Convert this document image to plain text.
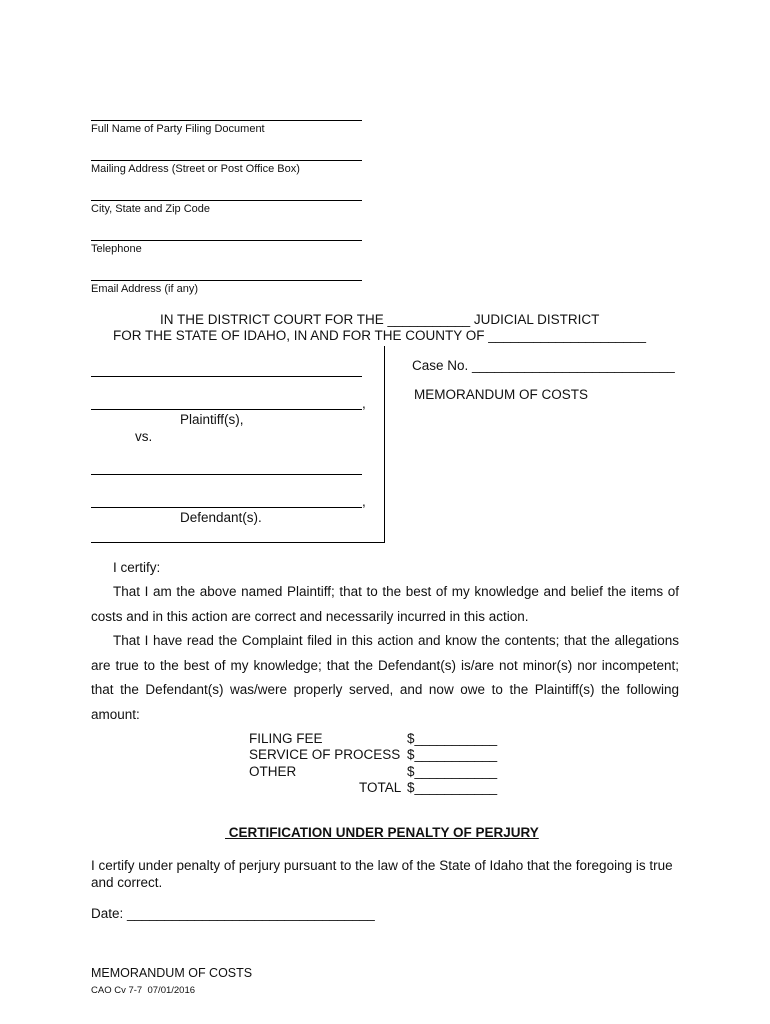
Full Name of Party Filing Document
Mailing Address (Street or Post Office Box)
City, State and Zip Code
Telephone
Email Address (if any)
IN THE DISTRICT COURT FOR THE ___________ JUDICIAL DISTRICT
FOR THE STATE OF IDAHO, IN AND FOR THE COUNTY OF _____________________
,
Plaintiff(s),
vs.
,
Defendant(s).
Case No. ___________________________
MEMORANDUM OF COSTS
I certify:
That I am the above named Plaintiff; that to the best of my knowledge and belief the items of costs and in this action are correct and necessarily incurred in this action.
That I have read the Complaint filed in this action and know the contents; that the allegations are true to the best of my knowledge; that the Defendant(s) is/are not minor(s) nor incompetent; that the Defendant(s) was/were properly served, and now owe to the Plaintiff(s) the following amount:
FILING FEE	$___________
SERVICE OF PROCESS $___________
OTHER	$___________
TOTAL $___________
CERTIFICATION UNDER PENALTY OF PERJURY
I certify under penalty of perjury pursuant to the law of the State of Idaho that the foregoing is true and correct.
Date: _________________________________
MEMORANDUM OF COSTS
CAO Cv 7-7  07/01/2016
